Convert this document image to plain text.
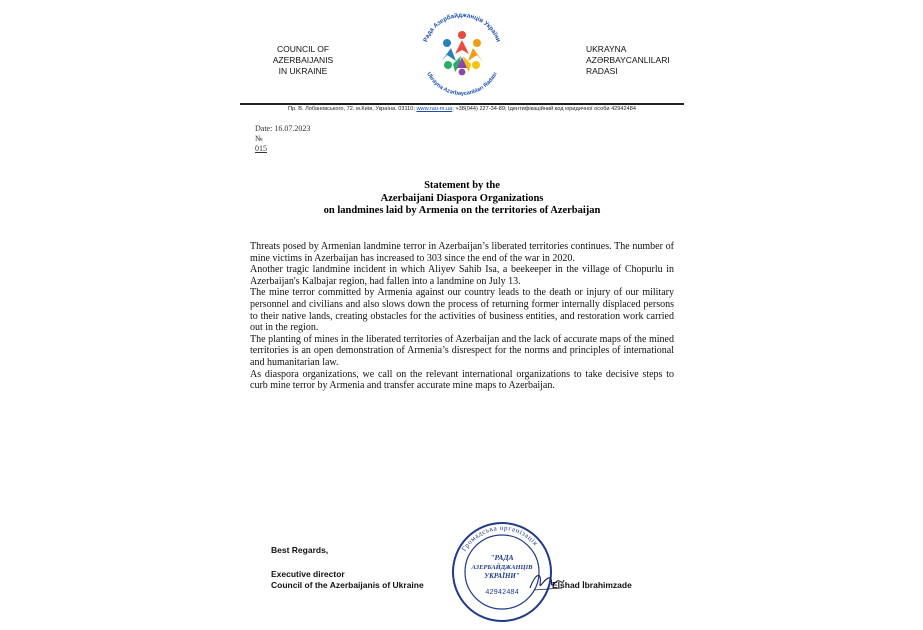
COUNCIL OF
AZERBAIJANIS
IN UKRAINE
Рада Азербайджанців України
Ukrayna Azərbaycanlıları Radası
UKRAYNA
AZƏRBAYCANLILARI
RADASI
Пр. В. Лобановського, 72. м.Київ, Україна. 03110; www.rau-m.ua; +38(044) 227-34-89; Ідентифікаційний код юридичної особи 42942484
Date: 16.07.2023
№
015
Statement by the
Azerbaijani Diaspora Organizations
on landmines laid by Armenia on the territories of Azerbaijan

Threats posed by Armenian landmine terror in Azerbaijan’s liberated territories continues. The number of mine victims in Azerbaijan has increased to 303 since the end of the war in 2020.

Another tragic landmine incident in which Aliyev Sahib Isa, a beekeeper in the village of Chopurlu in Azerbaijan's Kalbajar region, had fallen into a landmine on July 13.

The mine terror committed by Armenia against our country leads to the death or injury of our military personnel and civilians and also slows down the process of returning former internally displaced persons to their native lands, creating obstacles for the activities of business entities, and restoration work carried out in the region.

The planting of mines in the liberated territories of Azerbaijan and the lack of accurate maps of the mined territories is an open demonstration of Armenia’s disrespect for the norms and principles of international and humanitarian law.

As diaspora organizations, we call on the relevant international organizations to take decisive steps to curb mine terror by Armenia and transfer accurate mine maps to Azerbaijan.

Best Regards,
Executive director
Council of the Azerbaijanis of Ukraine
Громадська організація
"РАДА
АЗЕРБАЙДЖАНЦІВ
УКРАЇНИ"
42942484
Elshad İbrahimzade
